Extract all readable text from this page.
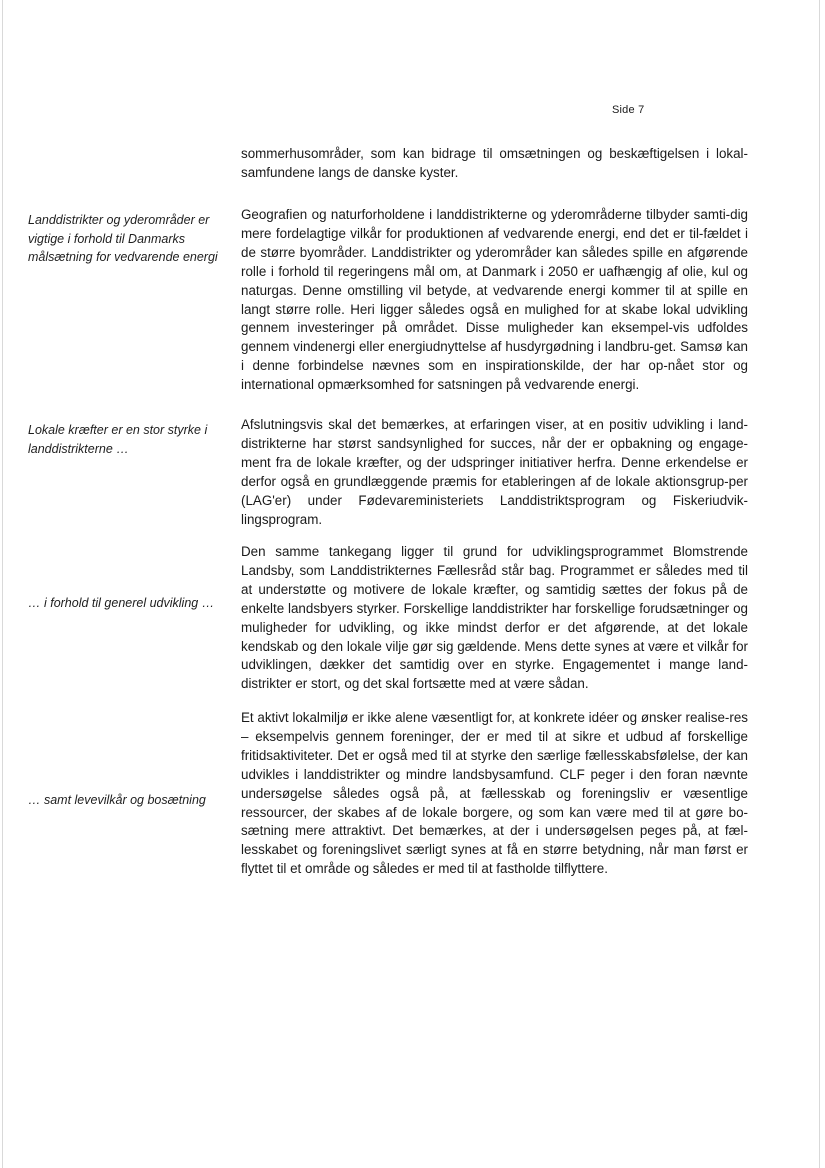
Side 7
Landdistrikter og yderområder er vigtige i forhold til Danmarks målsætning for vedvarende energi
Lokale kræfter er en stor styrke i landdistrikterne …
… i forhold til generel udvikling …
… samt levevilkår og bosætning
sommerhusområder, som kan bidrage til omsætningen og beskæftigelsen i lokal-samfundene langs de danske kyster.
Geografien og naturforholdene i landdistrikterne og yderområderne tilbyder samti-dig mere fordelagtige vilkår for produktionen af vedvarende energi, end det er til-fældet i de større byområder. Landdistrikter og yderområder kan således spille en afgørende rolle i forhold til regeringens mål om, at Danmark i 2050 er uafhængig af olie, kul og naturgas. Denne omstilling vil betyde, at vedvarende energi kommer til at spille en langt større rolle. Heri ligger således også en mulighed for at skabe lokal udvikling gennem investeringer på området. Disse muligheder kan eksempel-vis udfoldes gennem vindenergi eller energiudnyttelse af husdyrgødning i landbru-get. Samsø kan i denne forbindelse nævnes som en inspirationskilde, der har op-nået stor og international opmærksomhed for satsningen på vedvarende energi.
Afslutningsvis skal det bemærkes, at erfaringen viser, at en positiv udvikling i land-distrikterne har størst sandsynlighed for succes, når der er opbakning og engage-ment fra de lokale kræfter, og der udspringer initiativer herfra. Denne erkendelse er derfor også en grundlæggende præmis for etableringen af de lokale aktionsgrup-per (LAG'er) under Fødevareministeriets Landdistriktsprogram og Fiskeriudvik-lingsprogram.
Den samme tankegang ligger til grund for udviklingsprogrammet Blomstrende Landsby, som Landdistrikternes Fællesråd står bag. Programmet er således med til at understøtte og motivere de lokale kræfter, og samtidig sættes der fokus på de enkelte landsbyers styrker. Forskellige landdistrikter har forskellige forudsætninger og muligheder for udvikling, og ikke mindst derfor er det afgørende, at det lokale kendskab og den lokale vilje gør sig gældende. Mens dette synes at være et vilkår for udviklingen, dækker det samtidig over en styrke. Engagementet i mange land-distrikter er stort, og det skal fortsætte med at være sådan.
Et aktivt lokalmiljø er ikke alene væsentligt for, at konkrete idéer og ønsker realise-res – eksempelvis gennem foreninger, der er med til at sikre et udbud af forskellige fritidsaktiviteter. Det er også med til at styrke den særlige fællesskabsfølelse, der kan udvikles i landdistrikter og mindre landsbysamfund. CLF peger i den foran nævnte undersøgelse således også på, at fællesskab og foreningsliv er væsentlige ressourcer, der skabes af de lokale borgere, og som kan være med til at gøre bo-sætning mere attraktivt. Det bemærkes, at der i undersøgelsen peges på, at fæl-lesskabet og foreningslivet særligt synes at få en større betydning, når man først er flyttet til et område og således er med til at fastholde tilflyttere.
